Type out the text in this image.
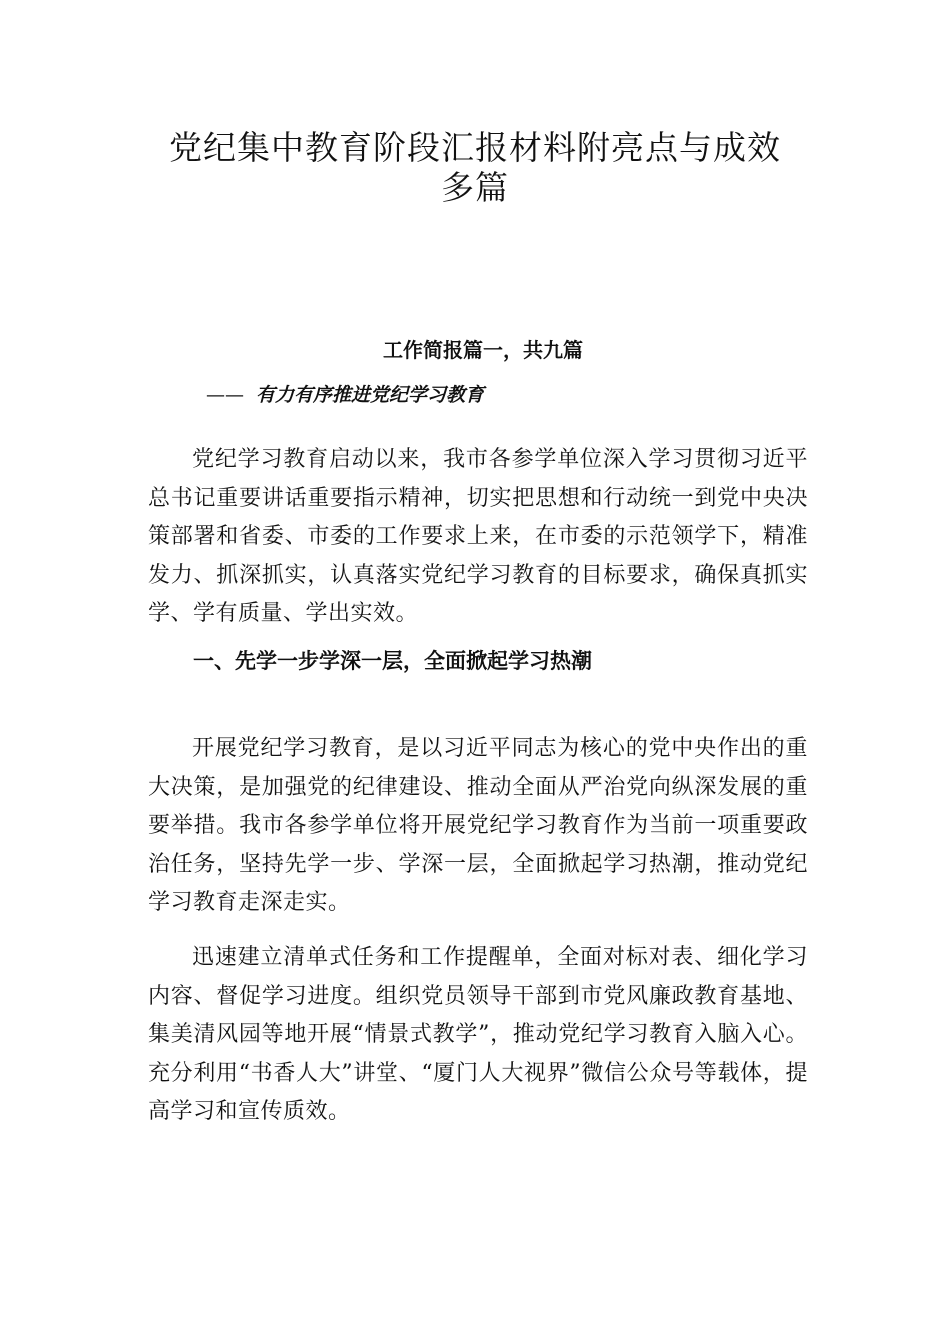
党纪集中教育阶段汇报材料附亮点与成效
多篇
工作简报篇一，共九篇
—— 有力有序推进党纪学习教育

党纪学习教育启动以来，我市各参学单位深入学习贯彻习近平总书记重要讲话重要指示精神，切实把思想和行动统一到党中央决策部署和省委、市委的工作要求上来，在市委的示范领学下，精准发力、抓深抓实，认真落实党纪学习教育的目标要求，确保真抓实学、学有质量、学出实效。

一、先学一步学深一层，全面掀起学习热潮

开展党纪学习教育，是以习近平同志为核心的党中央作出的重大决策，是加强党的纪律建设、推动全面从严治党向纵深发展的重要举措。我市各参学单位将开展党纪学习教育作为当前一项重要政治任务，坚持先学一步、学深一层，全面掀起学习热潮，推动党纪学习教育走深走实。

迅速建立清单式任务和工作提醒单，全面对标对表、细化学习内容、督促学习进度。组织党员领导干部到市党风廉政教育基地、集美清风园等地开展“情景式教学”，推动党纪学习教育入脑入心。充分利用“书香人大”讲堂、“厦门人大视界”微信公众号等载体，提高学习和宣传质效。
